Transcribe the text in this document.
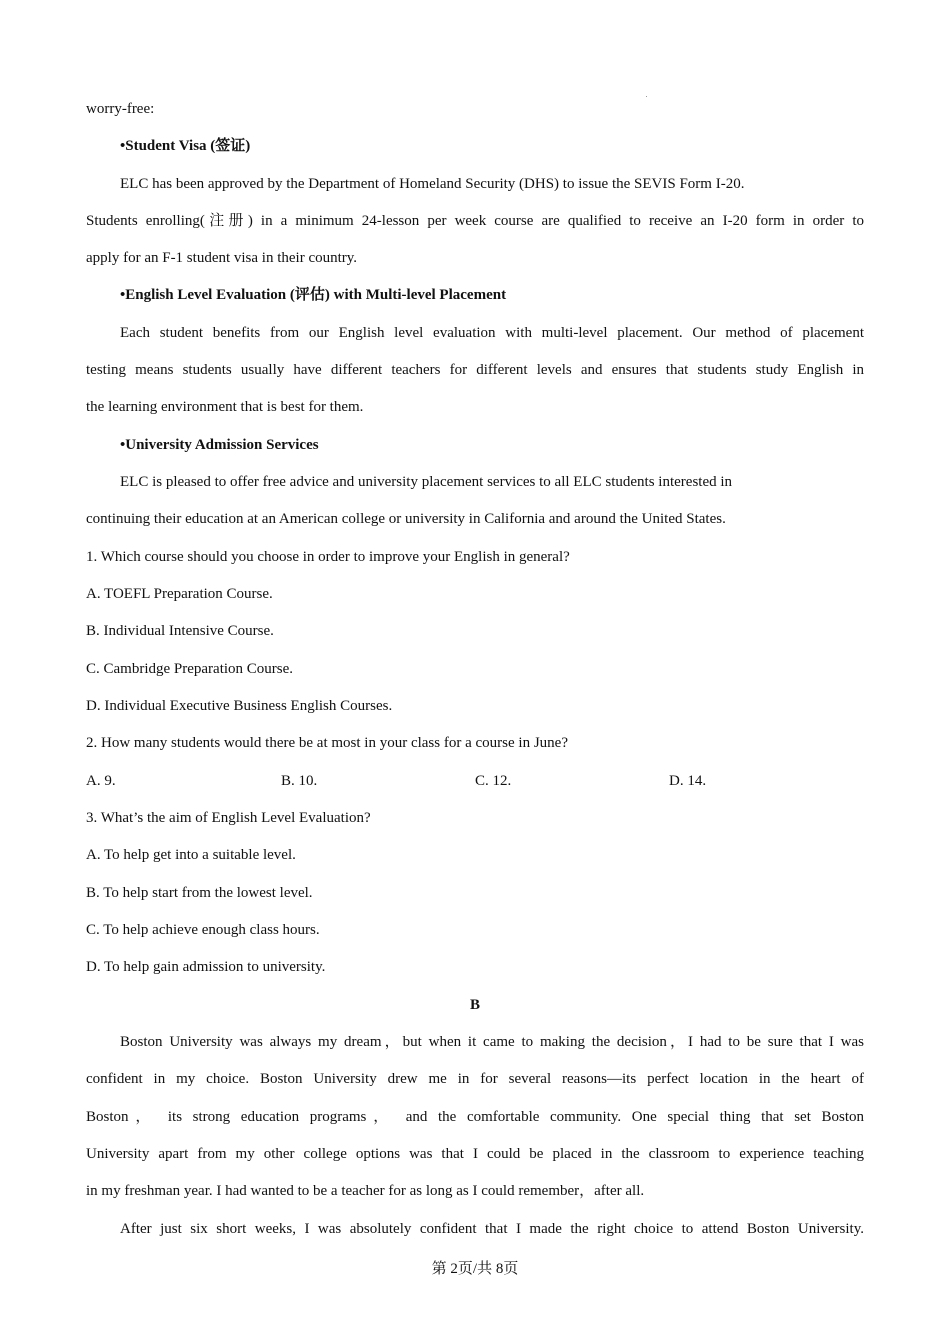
worry-free:
•Student Visa (签证)
ELC has been approved by the Department of Homeland Security (DHS) to issue the SEVIS Form I-20.
Students enrolling(注册) in a minimum 24-lesson per week course are qualified to receive an I-20 form in order to
apply for an F-1 student visa in their country.
•English Level Evaluation (评估) with Multi-level Placement
Each student benefits from our English level evaluation with multi-level placement. Our method of placement
testing means students usually have different teachers for different levels and ensures that students study English in
the learning environment that is best for them.
•University Admission Services
ELC is pleased to offer free advice and university placement services to all ELC students interested in
continuing their education at an American college or university in California and around the United States.
1. Which course should you choose in order to improve your English in general?
A. TOEFL Preparation Course.
B. Individual Intensive Course.
C. Cambridge Preparation Course.
D. Individual Executive Business English Courses.
2. How many students would there be at most in your class for a course in June?
A. 9.	B. 10.	C. 12.	D. 14.
3. What’s the aim of English Level Evaluation?
A. To help get into a suitable level.
B. To help start from the lowest level.
C. To help achieve enough class hours.
D. To help gain admission to university.
B
Boston University was always my dream，but when it came to making the decision，I had to be sure that I was
confident in my choice. Boston University drew me in for several reasons—its perfect location in the heart of
Boston， its strong education programs， and the comfortable community. One special thing that set Boston
University apart from my other college options was that I could be placed in the classroom to experience teaching
in my freshman year. I had wanted to be a teacher for as long as I could remember，after all.
After just six short weeks, I was absolutely confident that I made the right choice to attend Boston University.
第 2页/共 8页
